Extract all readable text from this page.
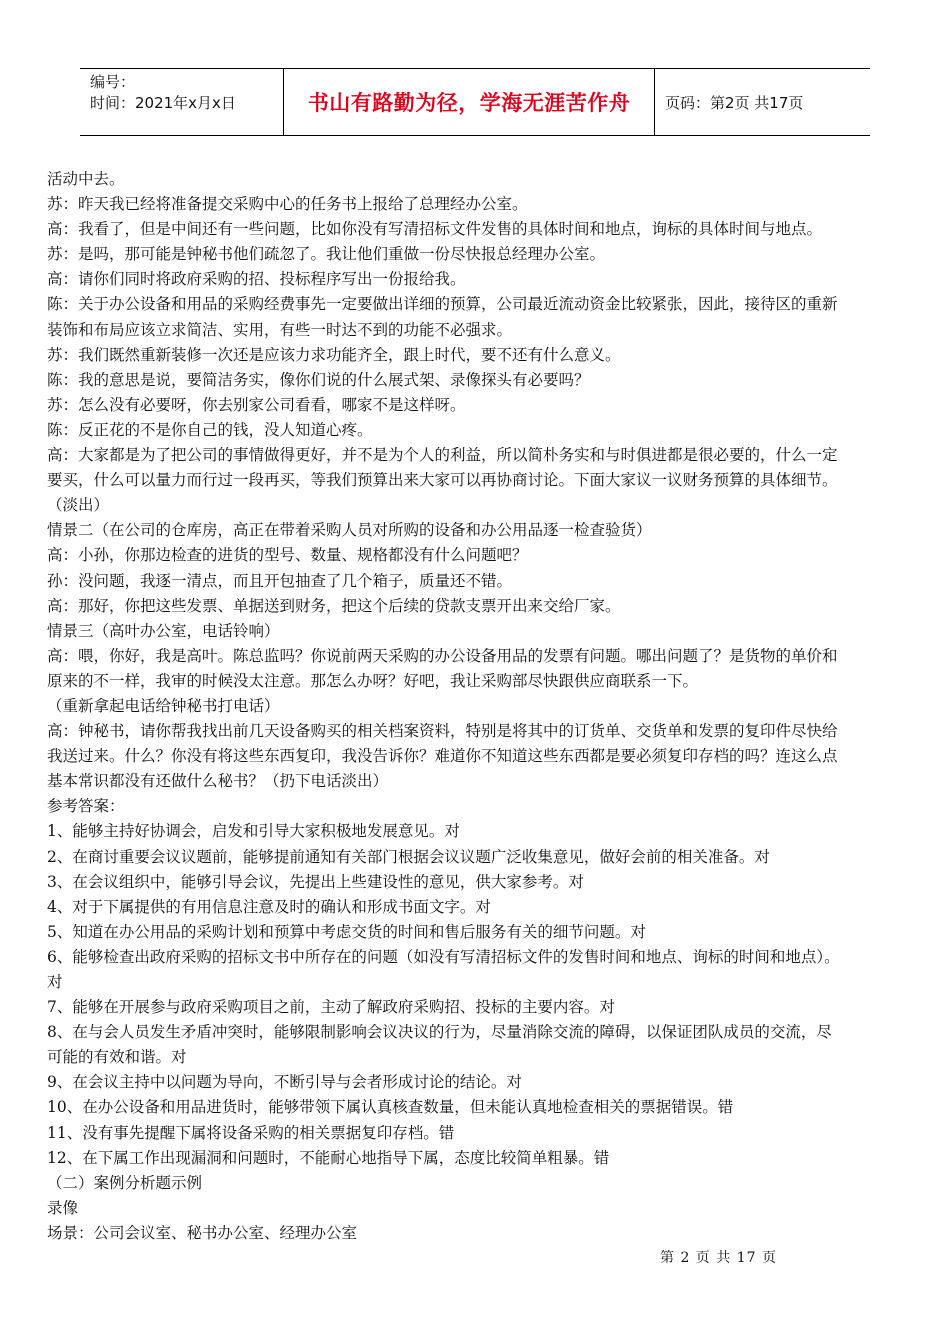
编号：
时间：2021年x月x日	书山有路勤为径，学海无涯苦作舟	页码：第2页 共17页
活动中去。
苏：昨天我已经将准备提交采购中心的任务书上报给了总理经办公室。
高：我看了，但是中间还有一些问题，比如你没有写清招标文件发售的具体时间和地点，询标的具体时间与地点。
苏：是吗，那可能是钟秘书他们疏忽了。我让他们重做一份尽快报总经理办公室。
高：请你们同时将政府采购的招、投标程序写出一份报给我。
陈：关于办公设备和用品的采购经费事先一定要做出详细的预算，公司最近流动资金比较紧张，因此，接待区的重新
装饰和布局应该立求简洁、实用，有些一时达不到的功能不必强求。
苏：我们既然重新装修一次还是应该力求功能齐全，跟上时代，要不还有什么意义。
陈：我的意思是说，要简洁务实，像你们说的什么展式架、录像探头有必要吗？
苏：怎么没有必要呀，你去别家公司看看，哪家不是这样呀。
陈：反正花的不是你自己的钱，没人知道心疼。
高：大家都是为了把公司的事情做得更好，并不是为个人的利益，所以简朴务实和与时俱进都是很必要的，什么一定
要买，什么可以量力而行过一段再买，等我们预算出来大家可以再协商讨论。下面大家议一议财务预算的具体细节。
（淡出）
情景二（在公司的仓库房，高正在带着采购人员对所购的设备和办公用品逐一检查验货）
高：小孙，你那边检查的进货的型号、数量、规格都没有什么问题吧？
孙：没问题，我逐一清点，而且开包抽查了几个箱子，质量还不错。
高：那好，你把这些发票、单据送到财务，把这个后续的贷款支票开出来交给厂家。
情景三（高叶办公室，电话铃响）
高：喂，你好，我是高叶。陈总监吗？你说前两天采购的办公设备用品的发票有问题。哪出问题了？是货物的单价和
原来的不一样，我审的时候没太注意。那怎么办呀？好吧，我让采购部尽快跟供应商联系一下。
（重新拿起电话给钟秘书打电话）
高：钟秘书，请你帮我找出前几天设备购买的相关档案资料，特别是将其中的订货单、交货单和发票的复印件尽快给
我送过来。什么？你没有将这些东西复印，我没告诉你？难道你不知道这些东西都是要必须复印存档的吗？连这么点
基本常识都没有还做什么秘书？（扔下电话淡出）
参考答案：
1、能够主持好协调会，启发和引导大家积极地发展意见。对
2、在商讨重要会议议题前，能够提前通知有关部门根据会议议题广泛收集意见，做好会前的相关准备。对
3、在会议组织中，能够引导会议，先提出上些建设性的意见，供大家参考。对
4、对于下属提供的有用信息注意及时的确认和形成书面文字。对
5、知道在办公用品的采购计划和预算中考虑交货的时间和售后服务有关的细节问题。对
6、能够检查出政府采购的招标文书中所存在的问题（如没有写清招标文件的发售时间和地点、询标的时间和地点）。
对
7、能够在开展参与政府采购项目之前，主动了解政府采购招、投标的主要内容。对
8、在与会人员发生矛盾冲突时，能够限制影响会议决议的行为，尽量消除交流的障碍，以保证团队成员的交流，尽
可能的有效和谐。对
9、在会议主持中以问题为导向，不断引导与会者形成讨论的结论。对
10、在办公设备和用品进货时，能够带领下属认真核查数量，但未能认真地检查相关的票据错误。错
11、没有事先提醒下属将设备采购的相关票据复印存档。错
12、在下属工作出现漏洞和问题时，不能耐心地指导下属，态度比较简单粗暴。错
（二）案例分析题示例
录像
场景：公司会议室、秘书办公室、经理办公室
第 2 页 共 17 页
